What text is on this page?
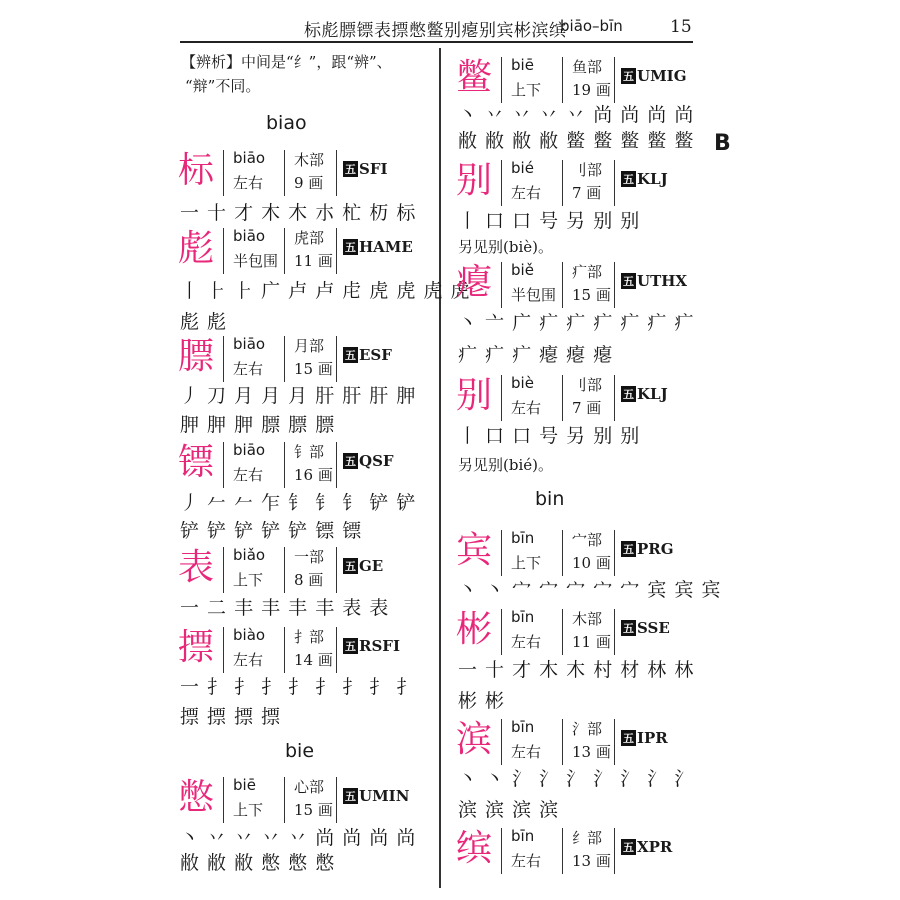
标彪膘镖表摽憋鳖别瘪别宾彬滨缤
biāo–bīn	15
B
【辨析】中间是“纟”，跟“辨”、
“辩”不同。
biao
标 biāo
左右
木部
9 画
五 SFI
一 十 才 木 木 朩 杧 杤 标
彪 biāo
半包围
虎部
11 画
五 HAME
丨 ⺊ ⺊ 广 卢 卢 虍 虎 虎 虎 虎
彪 彪
膘 biāo
左右
月部
15 画
五 ESF
丿 刀 月 月 月 肝 肝 肝 胛
胛 胛 胛 膘 膘 膘
镖 biāo
左右
钅部
16 画
五 QSF
丿 𠂉 𠂉 乍 钅 钅 钅 铲 铲
铲 铲 铲 铲 铲 镖 镖
表 biǎo
上下
一部
8 画
五 GE
一 二 丰 丰 丰 丰 表 表
摽 biào
左右
扌部
14 画
五 RSFI
一 扌 扌 扌 扌 扌 扌 扌 扌
摽 摽 摽 摽
憋 biē
上下
心部
15 画
五 UMIN
丶 丷 丷 丷 丷 尚 尚 尚 尚
敝 敝 敝 憋 憋 憋
bie
bin
鳖 biē
上下
鱼部
19 画
五 UMIG
丶 丷 丷 丷 丷 尚 尚 尚 尚
敝 敝 敝 敝 鳖 鳖 鳖 鳖 鳖
别 bié
左右
刂部
7 画
五 KLJ
丨 口 口 号 另 别 别
另见别(biè)。
瘪 biě
半包围
疒部
15 画
五 UTHX
丶 亠 广 疒 疒 疒 疒 疒 疒
疒 疒 疒 瘪 瘪 瘪
别 biè
左右
刂部
7 画
五 KLJ
丨 口 口 号 另 别 别
另见别(bié)。
宾 bīn
上下
宀部
10 画
五 PRG
丶 丶 宀 宀 宀 宀 宀 宾 宾 宾
彬 bīn
左右
木部
11 画
五 SSE
一 十 才 木 木 村 材 林 林
彬 彬
滨 bīn
左右
氵部
13 画
五 IPR
丶 丶 氵 氵 氵 氵 氵 氵 氵
滨 滨 滨 滨
缤 bīn
左右
纟部
13 画
五 XPR
